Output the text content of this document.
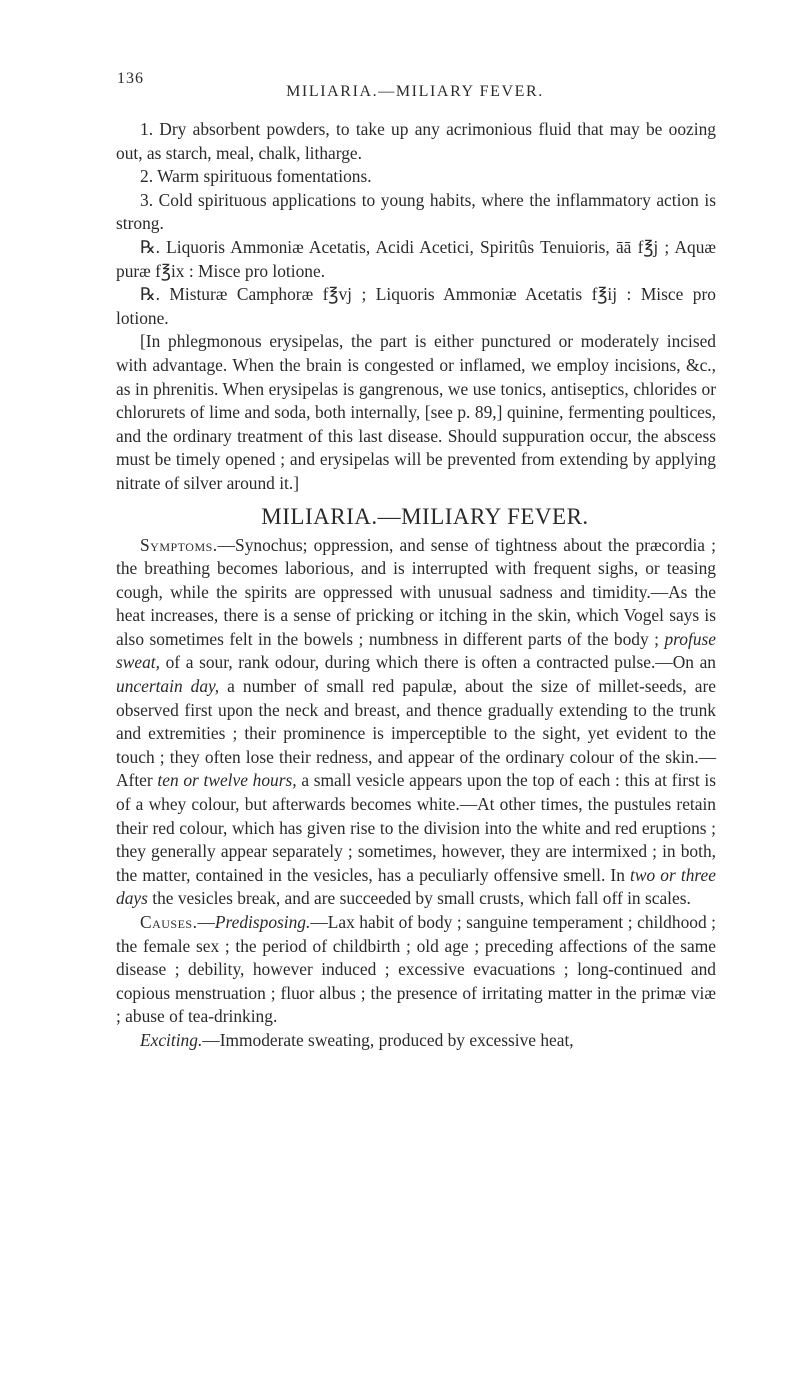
136
MILIARIA.—MILIARY FEVER.

1. Dry absorbent powders, to take up any acrimonious fluid that may be oozing out, as starch, meal, chalk, litharge.

2. Warm spirituous fomentations.

3. Cold spirituous applications to young habits, where the inflammatory action is strong.

℞. Liquoris Ammoniæ Acetatis, Acidi Acetici, Spiritûs Tenuioris, āā f℥j ; Aquæ puræ f℥ix : Misce pro lotione.

℞. Misturæ Camphoræ f℥vj ; Liquoris Ammoniæ Acetatis f℥ij : Misce pro lotione.

[In phlegmonous erysipelas, the part is either punctured or moderately incised with advantage. When the brain is congested or inflamed, we employ incisions, &c., as in phrenitis. When erysipelas is gangrenous, we use tonics, antiseptics, chlorides or chlorurets of lime and soda, both internally, [see p. 89,] quinine, fermenting poultices, and the ordinary treatment of this last disease. Should suppuration occur, the abscess must be timely opened ; and erysipelas will be prevented from extending by applying nitrate of silver around it.]

MILIARIA.—MILIARY FEVER.

Symptoms.—Synochus; oppression, and sense of tightness about the præcordia ; the breathing becomes laborious, and is interrupted with frequent sighs, or teasing cough, while the spirits are oppressed with unusual sadness and timidity.—As the heat increases, there is a sense of pricking or itching in the skin, which Vogel says is also sometimes felt in the bowels ; numbness in different parts of the body ; profuse sweat, of a sour, rank odour, during which there is often a contracted pulse.—On an uncertain day, a number of small red papulæ, about the size of millet-seeds, are observed first upon the neck and breast, and thence gradually extending to the trunk and extremities ; their prominence is imperceptible to the sight, yet evident to the touch ; they often lose their redness, and appear of the ordinary colour of the skin.—After ten or twelve hours, a small vesicle appears upon the top of each : this at first is of a whey colour, but afterwards becomes white.—At other times, the pustules retain their red colour, which has given rise to the division into the white and red eruptions ; they generally appear separately ; sometimes, however, they are intermixed ; in both, the matter, contained in the vesicles, has a peculiarly offensive smell. In two or three days the vesicles break, and are succeeded by small crusts, which fall off in scales.

Causes.—Predisposing.—Lax habit of body ; sanguine temperament ; childhood ; the female sex ; the period of childbirth ; old age ; preceding affections of the same disease ; debility, however induced ; excessive evacuations ; long-continued and copious menstruation ; fluor albus ; the presence of irritating matter in the primæ viæ ; abuse of tea-drinking.

Exciting.—Immoderate sweating, produced by excessive heat,
